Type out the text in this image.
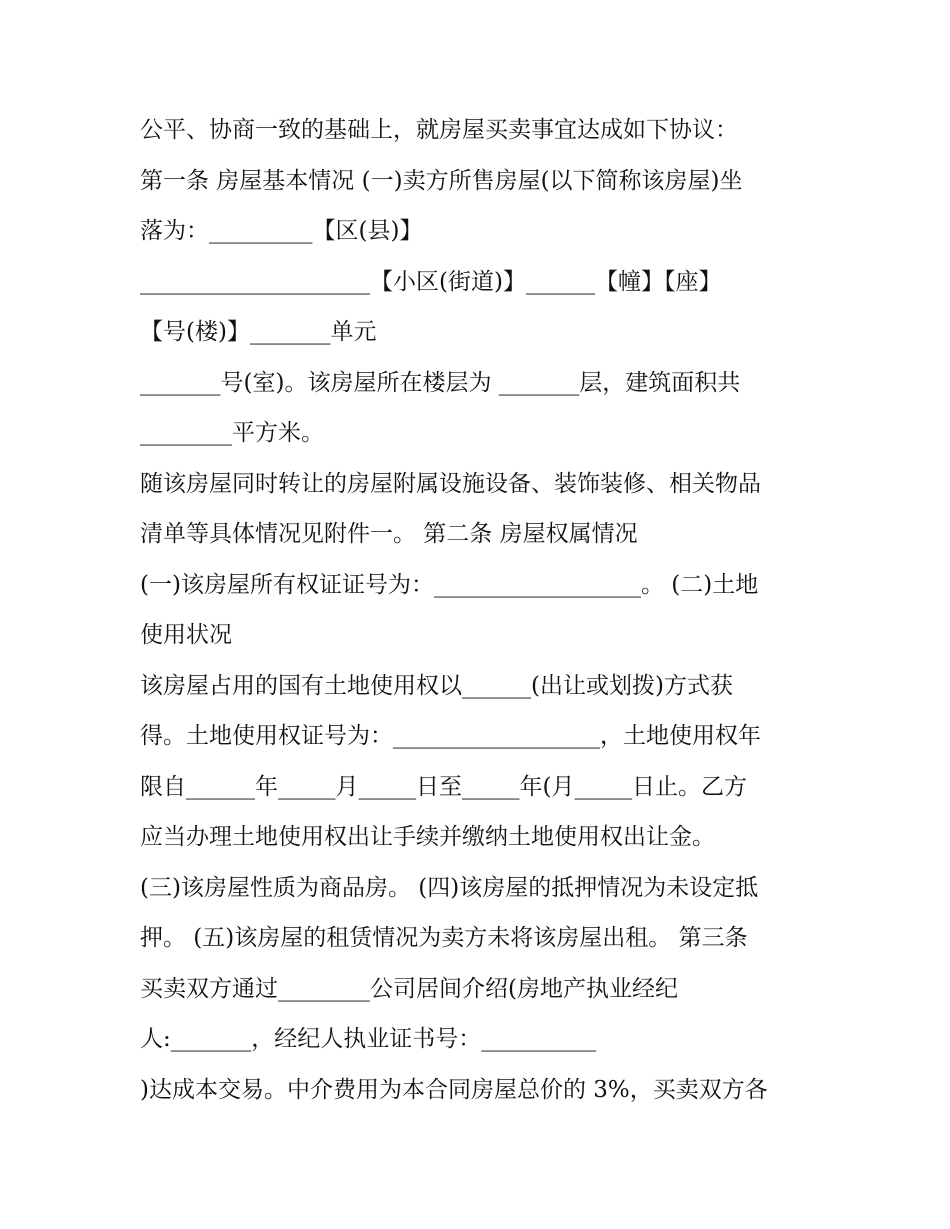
公平、协商一致的基础上，就房屋买卖事宜达成如下协议：
第一条 房屋基本情况 (一)卖方所售房屋(以下简称该房屋)坐
落为：_________【区(县)】
____________________【小区(街道)】______【幢】【座】
【号(楼)】_______单元
_______号(室)。该房屋所在楼层为 _______层，建筑面积共
________平方米。
随该房屋同时转让的房屋附属设施设备、装饰装修、相关物品
清单等具体情况见附件一。 第二条 房屋权属情况
(一)该房屋所有权证证号为：__________________。 (二)土地
使用状况
该房屋占用的国有土地使用权以______(出让或划拨)方式获
得。土地使用权证号为：__________________，土地使用权年
限自______年_____月_____日至_____年(月_____日止。乙方
应当办理土地使用权出让手续并缴纳土地使用权出让金。
(三)该房屋性质为商品房。 (四)该房屋的抵押情况为未设定抵
押。 (五)该房屋的租赁情况为卖方未将该房屋出租。 第三条
买卖双方通过________公司居间介绍(房地产执业经纪
人:_______，经纪人执业证书号：__________
)达成本交易。中介费用为本合同房屋总价的 3%，买卖双方各
